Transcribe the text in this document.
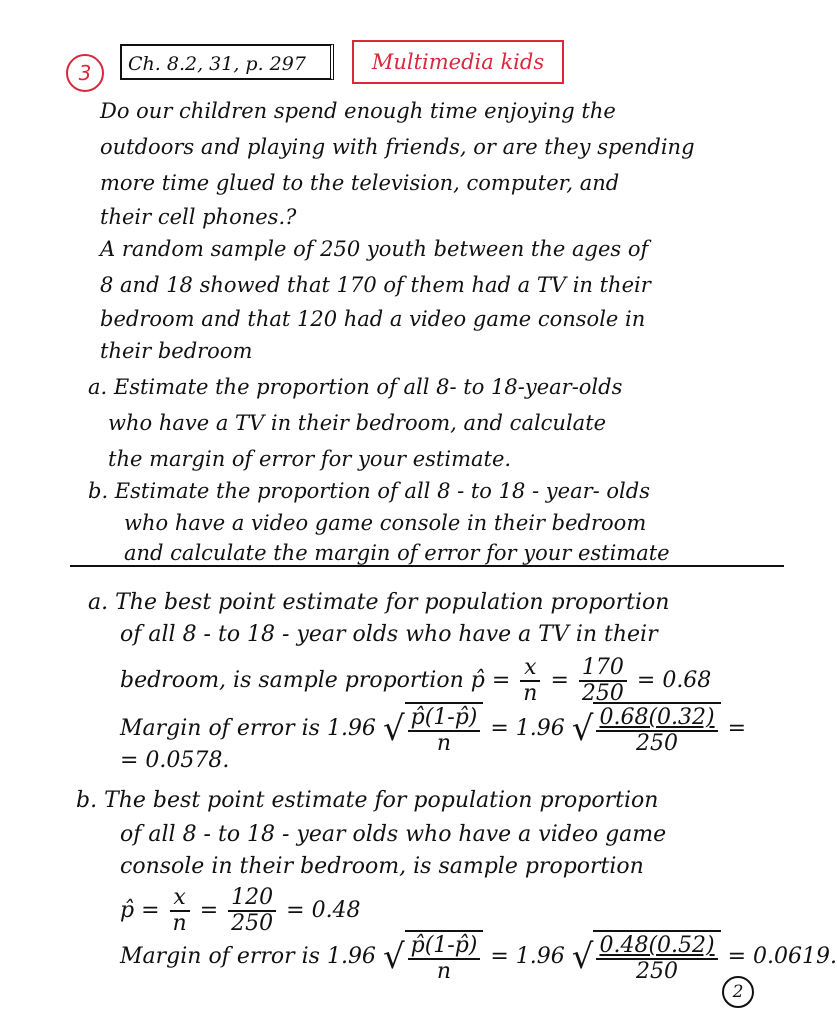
3	Ch. 8.2, 31, p. 297	Multimedia kids
Do our children spend enough time enjoying the
outdoors and playing with friends, or are they spending
more time glued to the television, computer, and
their cell phones.?
A random sample of 250 youth between the ages of
8 and 18 showed that 170 of them had a TV in their
bedroom and that 120 had a video game console in
their bedroom
a. Estimate the proportion of all 8- to 18-year-olds
who have a TV in their bedroom, and calculate
the margin of error for your estimate.
b. Estimate the proportion of all 8 - to 18 - year- olds
who have a video game console in their bedroom
and calculate the margin of error for your estimate
a. The best point estimate for population proportion
of all 8 - to 18 - year olds who have a TV in their
bedroom, is sample proportion p̂ = $\frac{x}{n} = \frac{170}{250} = 0.68$
Margin of error is 1.96 √ $\frac{p̂(1-p̂)}{n} = 1.96$ √ $\frac{0.68(0.32)}{250}$ =
= 0.0578.
b. The best point estimate for population proportion
of all 8 - to 18 - year olds who have a video game
console in their bedroom, is sample proportion
p̂ = $\frac{x}{n} = \frac{120}{250} = 0.48$
Margin of error is 1.96 √ $\frac{p̂(1-p̂)}{n} = 1.96$ √ $\frac{0.48(0.52)}{250} = 0.0619$.
2
